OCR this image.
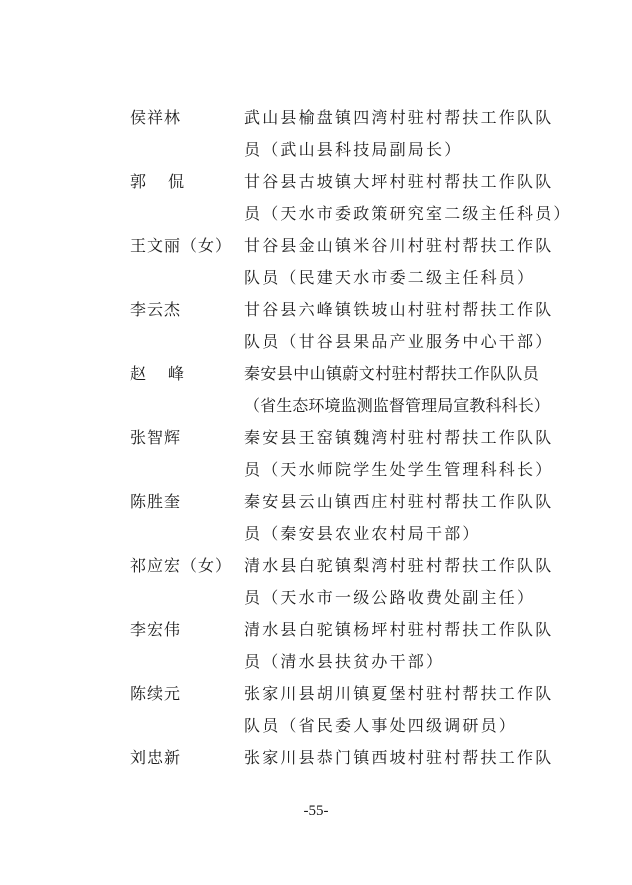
侯祥林	武山县榆盘镇四湾村驻村帮扶工作队队
员（武山县科技局副局长）
郭 侃	甘谷县古坡镇大坪村驻村帮扶工作队队
员（天水市委政策研究室二级主任科员）
王文丽（女） 甘谷县金山镇米谷川村驻村帮扶工作队
队员（民建天水市委二级主任科员）
李云杰	甘谷县六峰镇铁坡山村驻村帮扶工作队
队员（甘谷县果品产业服务中心干部）
赵 峰	秦安县中山镇蔚文村驻村帮扶工作队队员
（省生态环境监测监督管理局宣教科科长）
张智辉	秦安县王窑镇魏湾村驻村帮扶工作队队
员（天水师院学生处学生管理科科长）
陈胜奎	秦安县云山镇西庄村驻村帮扶工作队队
员（秦安县农业农村局干部）
祁应宏（女） 清水县白驼镇梨湾村驻村帮扶工作队队
员（天水市一级公路收费处副主任）
李宏伟	清水县白驼镇杨坪村驻村帮扶工作队队
员（清水县扶贫办干部）
陈续元	张家川县胡川镇夏堡村驻村帮扶工作队
队员（省民委人事处四级调研员）
刘忠新	张家川县恭门镇西坡村驻村帮扶工作队
-55-
